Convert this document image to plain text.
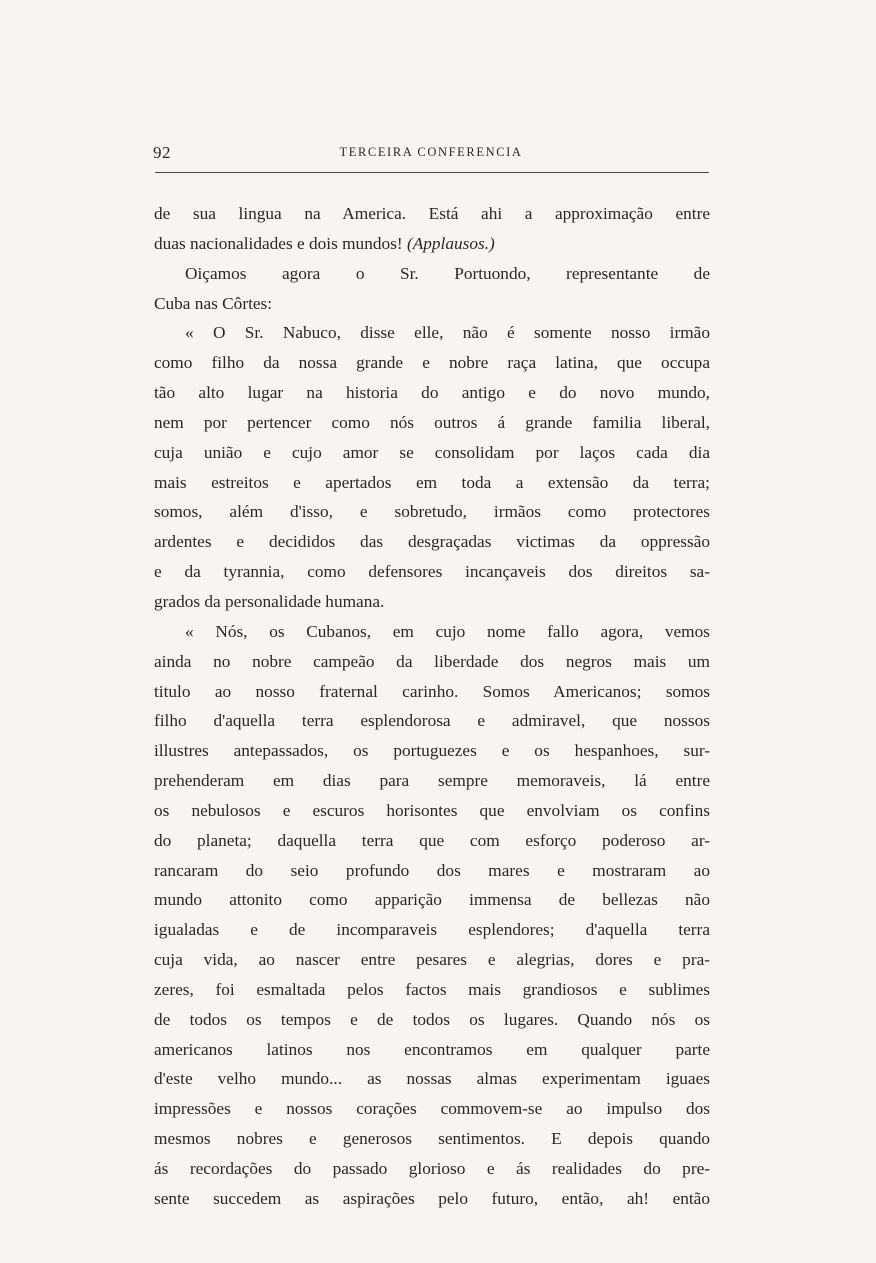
92	TERCEIRA CONFERENCIA
de sua lingua na America. Está ahi a approximação entre
duas nacionalidades e dois mundos! (Applausos.)
Oiçamos agora o Sr. Portuondo, representante de
Cuba nas Côrtes:
« O Sr. Nabuco, disse elle, não é somente nosso irmão
como filho da nossa grande e nobre raça latina, que occupa
tão alto lugar na historia do antigo e do novo mundo,
nem por pertencer como nós outros á grande familia liberal,
cuja união e cujo amor se consolidam por laços cada dia
mais estreitos e apertados em toda a extensão da terra;
somos, além d'isso, e sobretudo, irmãos como protectores
ardentes e decididos das desgraçadas victimas da oppressão
e da tyrannia, como defensores incançaveis dos direitos sa-
grados da personalidade humana.
« Nós, os Cubanos, em cujo nome fallo agora, vemos
ainda no nobre campeão da liberdade dos negros mais um
titulo ao nosso fraternal carinho. Somos Americanos; somos
filho d'aquella terra esplendorosa e admiravel, que nossos
illustres antepassados, os portuguezes e os hespanhoes, sur-
prehenderam em dias para sempre memoraveis, lá entre
os nebulosos e escuros horisontes que envolviam os confins
do planeta; daquella terra que com esforço poderoso ar-
rancaram do seio profundo dos mares e mostraram ao
mundo attonito como apparição immensa de bellezas não
igualadas e de incomparaveis esplendores; d'aquella terra
cuja vida, ao nascer entre pesares e alegrias, dores e pra-
zeres, foi esmaltada pelos factos mais grandiosos e sublimes
de todos os tempos e de todos os lugares. Quando nós os
americanos latinos nos encontramos em qualquer parte
d'este velho mundo... as nossas almas experimentam iguaes
impressões e nossos corações commovem-se ao impulso dos
mesmos nobres e generosos sentimentos. E depois quando
ás recordações do passado glorioso e ás realidades do pre-
sente succedem as aspirações pelo futuro, então, ah! então
